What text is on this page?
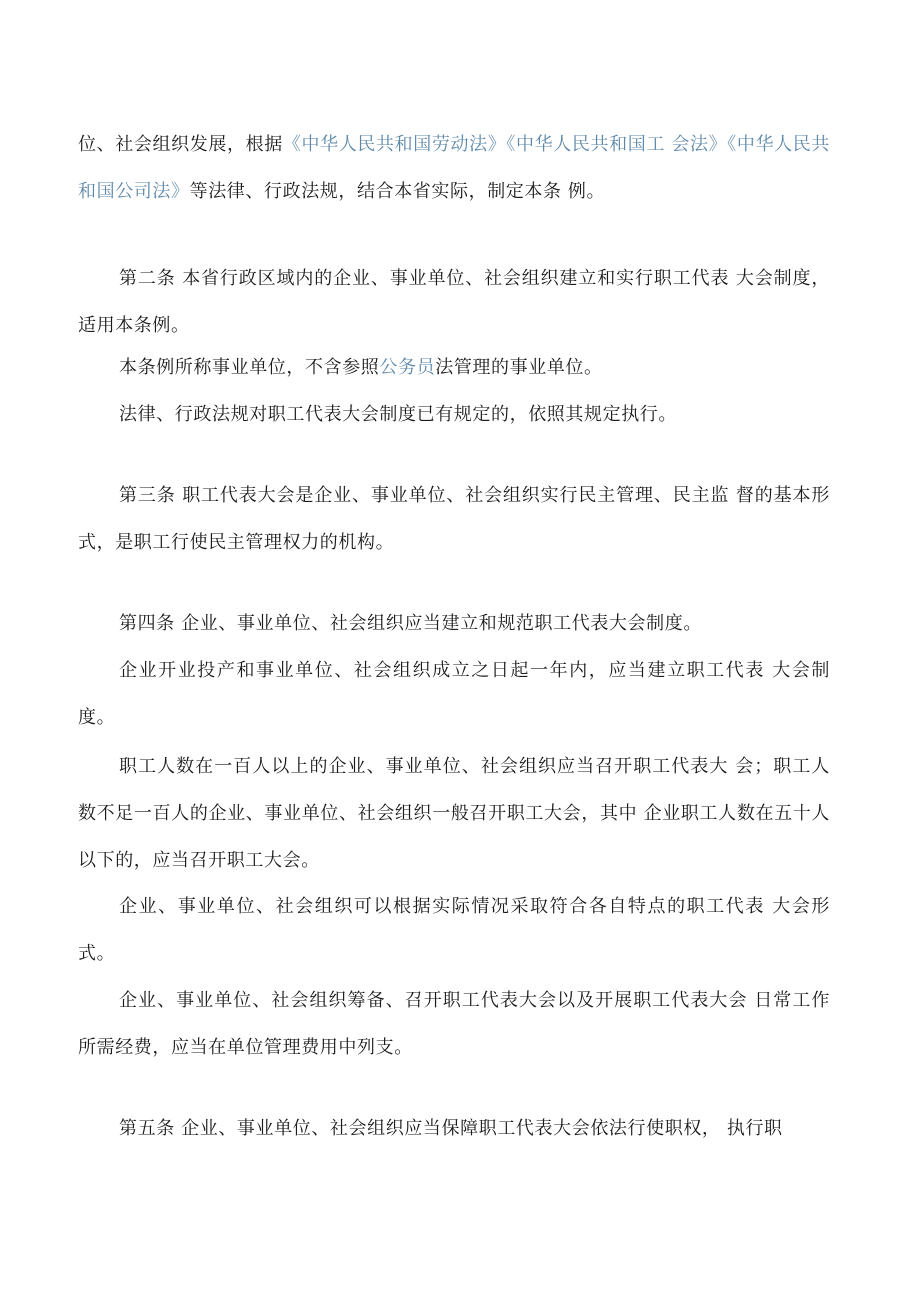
位、社会组织发展，根据《中华人民共和国劳动法》《中华人民共和国工 会法》《中华人民共和国公司法》等法律、行政法规，结合本省实际，制定本条 例。

第二条 本省行政区域内的企业、事业单位、社会组织建立和实行职工代表 大会制度，适用本条例。

本条例所称事业单位，不含参照公务员法管理的事业单位。

法律、行政法规对职工代表大会制度已有规定的，依照其规定执行。

第三条 职工代表大会是企业、事业单位、社会组织实行民主管理、民主监 督的基本形式，是职工行使民主管理权力的机构。

第四条 企业、事业单位、社会组织应当建立和规范职工代表大会制度。

企业开业投产和事业单位、社会组织成立之日起一年内，应当建立职工代表 大会制度。

职工人数在一百人以上的企业、事业单位、社会组织应当召开职工代表大 会；职工人数不足一百人的企业、事业单位、社会组织一般召开职工大会，其中 企业职工人数在五十人以下的，应当召开职工大会。

企业、事业单位、社会组织可以根据实际情况采取符合各自特点的职工代表 大会形式。

企业、事业单位、社会组织筹备、召开职工代表大会以及开展职工代表大会 日常工作所需经费，应当在单位管理费用中列支。

第五条 企业、事业单位、社会组织应当保障职工代表大会依法行使职权， 执行职
